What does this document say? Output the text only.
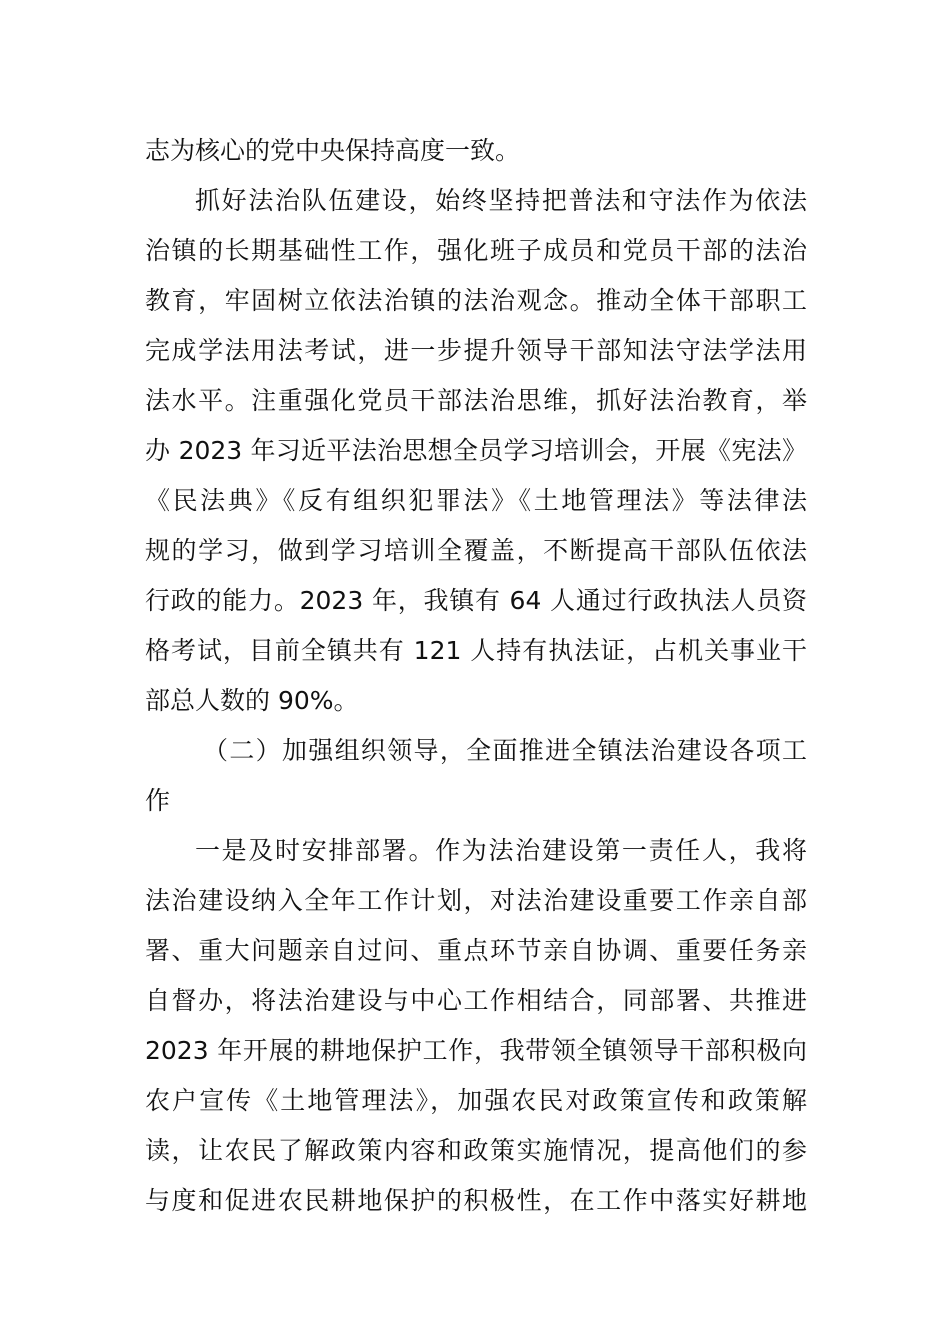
志为核心的党中央保持高度一致。
抓好法治队伍建设，始终坚持把普法和守法作为依法
治镇的长期基础性工作，强化班子成员和党员干部的法治
教育，牢固树立依法治镇的法治观念。推动全体干部职工
完成学法用法考试，进一步提升领导干部知法守法学法用
法水平。注重强化党员干部法治思维，抓好法治教育，举
办 2023 年习近平法治思想全员学习培训会，开展《宪法》
《民法典》《反有组织犯罪法》《土地管理法》等法律法
规的学习，做到学习培训全覆盖，不断提高干部队伍依法
行政的能力。2023 年，我镇有 64 人通过行政执法人员资
格考试，目前全镇共有 121 人持有执法证，占机关事业干
部总人数的 90%。
（二）加强组织领导，全面推进全镇法治建设各项工
作
一是及时安排部署。作为法治建设第一责任人，我将
法治建设纳入全年工作计划，对法治建设重要工作亲自部
署、重大问题亲自过问、重点环节亲自协调、重要任务亲
自督办，将法治建设与中心工作相结合，同部署、共推进
2023 年开展的耕地保护工作，我带领全镇领导干部积极向
农户宣传《土地管理法》，加强农民对政策宣传和政策解
读，让农民了解政策内容和政策实施情况，提高他们的参
与度和促进农民耕地保护的积极性，在工作中落实好耕地
